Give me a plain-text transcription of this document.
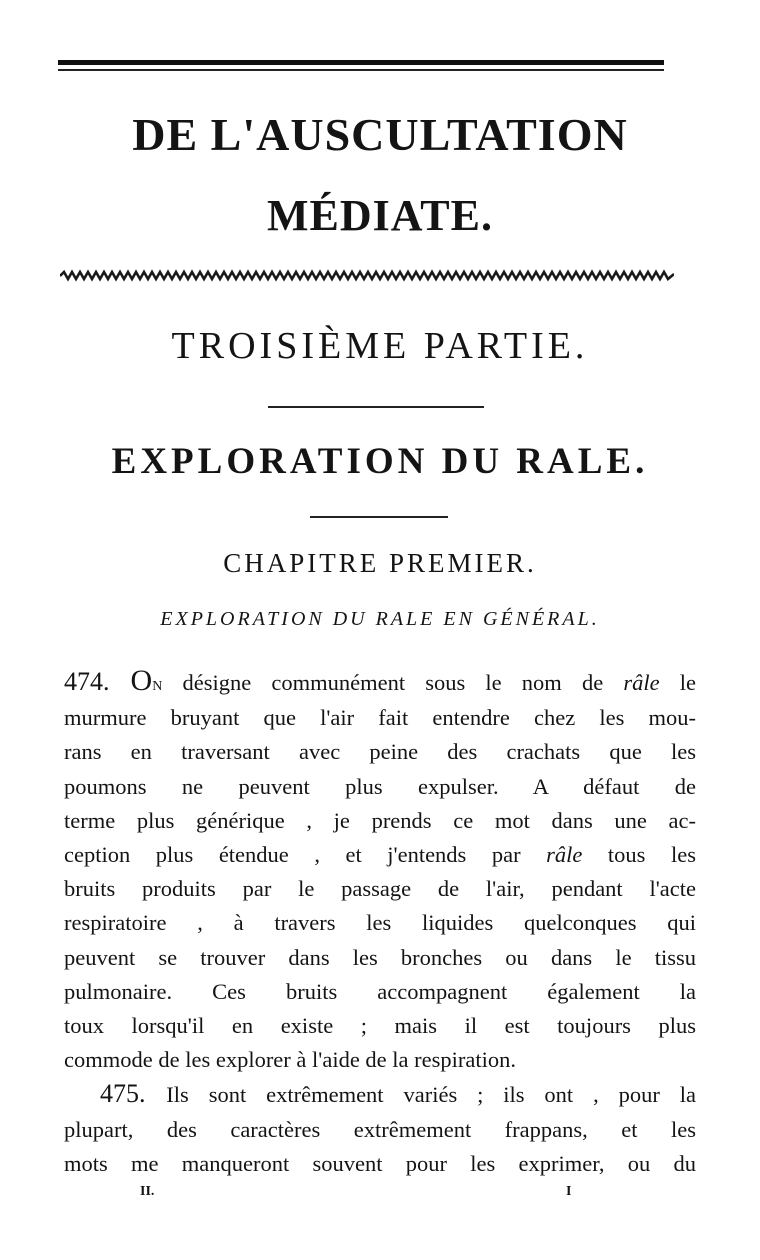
DE L'AUSCULTATION
MÉDIATE.
TROISIÈME PARTIE.
EXPLORATION DU RALE.
CHAPITRE PREMIER.
EXPLORATION DU RALE EN GÉNÉRAL.
474. On désigne communément sous le nom de râle le
murmure bruyant que l'air fait entendre chez les mou-
rans en traversant avec peine des crachats que les
poumons ne peuvent plus expulser. A défaut de
terme plus générique , je prends ce mot dans une ac-
ception plus étendue , et j'entends par râle tous les
bruits produits par le passage de l'air, pendant l'acte
respiratoire , à travers les liquides quelconques qui
peuvent se trouver dans les bronches ou dans le tissu
pulmonaire. Ces bruits accompagnent également la
toux lorsqu'il en existe ; mais il est toujours plus
commode de les explorer à l'aide de la respiration.
475. Ils sont extrêmement variés ; ils ont , pour la
plupart, des caractères extrêmement frappans, et les
mots me manqueront souvent pour les exprimer, ou du
II.	I
